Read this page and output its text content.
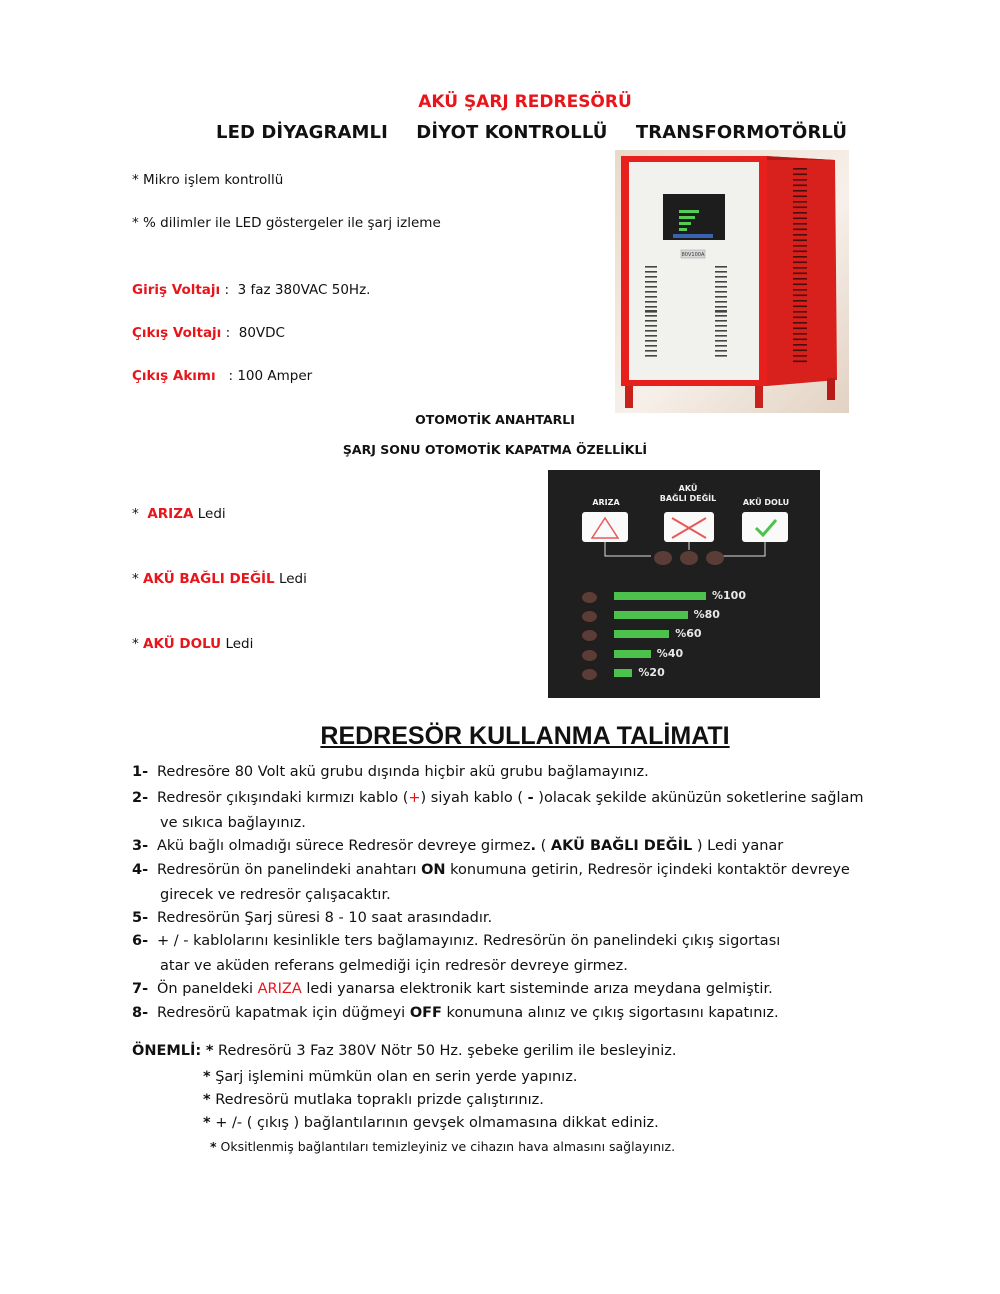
AKÜ ŞARJ REDRESÖRÜ
LED DİYAGRAMLI DİYOT KONTROLLÜ TRANSFORMOTÖRLÜ
* Mikro işlem kontrollü
* % dilimler ile LED göstergeler ile şarj izleme
Giriş Voltajı :  3 faz 380VAC 50Hz.
Çıkış Voltajı :  80VDC
Çıkış Akımı   : 100 Amper
80V100A
OTOMOTİK ANAHTARLI
ŞARJ SONU OTOMOTİK KAPATMA ÖZELLİKLİ
*  ARIZA Ledi
* AKÜ BAĞLI DEĞİL Ledi
* AKÜ DOLU Ledi
ARIZA
AKÜ
BAĞLI DEĞİL	AKÜ DOLU
%100
%80
%60
%40
%20
REDRESÖR KULLANMA TALİMATI
1- Redresöre 80 Volt akü grubu dışında hiçbir akü grubu bağlamayınız.
2- Redresör çıkışındaki kırmızı kablo (+) siyah kablo ( - )olacak şekilde akünüzün soketlerine sağlam
ve sıkıca bağlayınız.
3- Akü bağlı olmadığı sürece Redresör devreye girmez. ( AKÜ BAĞLI DEĞİL ) Ledi yanar
4- Redresörün ön panelindeki anahtarı ON konumuna getirin, Redresör içindeki kontaktör devreye
girecek ve redresör çalışacaktır.
5- Redresörün Şarj süresi 8 - 10 saat arasındadır.
6- + / - kablolarını kesinlikle ters bağlamayınız. Redresörün ön panelindeki çıkış sigortası
atar ve aküden referans gelmediği için redresör devreye girmez.
7- Ön paneldeki ARIZA ledi yanarsa elektronik kart sisteminde arıza meydana gelmiştir.
8- Redresörü kapatmak için düğmeyi OFF konumuna alınız ve çıkış sigortasını kapatınız.
ÖNEMLİ: * Redresörü 3 Faz 380V Nötr 50 Hz. şebeke gerilim ile besleyiniz.
* Şarj işlemini mümkün olan en serin yerde yapınız.
* Redresörü mutlaka topraklı prizde çalıştırınız.
* + /- ( çıkış ) bağlantılarının gevşek olmamasına dikkat ediniz.
* Oksitlenmiş bağlantıları temizleyiniz ve cihazın hava almasını sağlayınız.
